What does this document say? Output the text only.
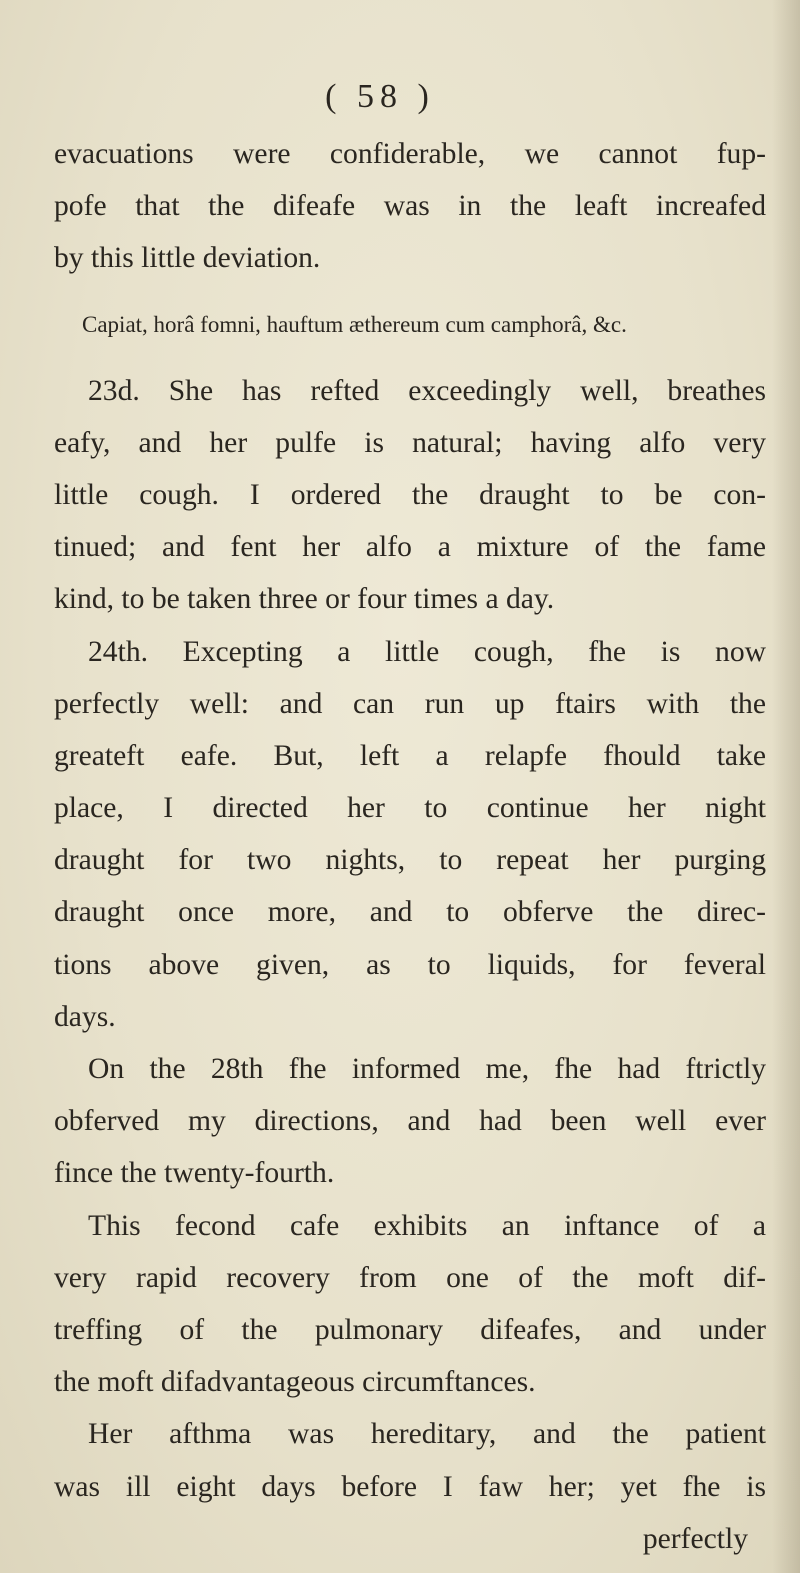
( 58 )
evacuations were confiderable, we cannot fup-
pofe that the difeafe was in the leaft increafed
by this little deviation.
Capiat, horâ fomni, hauftum æthereum cum camphorâ, &c.
23d. She has refted exceedingly well, breathes
eafy, and her pulfe is natural; having alfo very
little cough. I ordered the draught to be con-
tinued; and fent her alfo a mixture of the fame
kind, to be taken three or four times a day.
24th. Excepting a little cough, fhe is now
perfectly well: and can run up ftairs with the
greateft eafe. But, left a relapfe fhould take
place, I directed her to continue her night
draught for two nights, to repeat her purging
draught once more, and to obferve the direc-
tions above given, as to liquids, for feveral
days.
On the 28th fhe informed me, fhe had ftrictly
obferved my directions, and had been well ever
fince the twenty-fourth.
This fecond cafe exhibits an inftance of a
very rapid recovery from one of the moft dif-
treffing of the pulmonary difeafes, and under
the moft difadvantageous circumftances.
Her afthma was hereditary, and the patient
was ill eight days before I faw her; yet fhe is
perfectly
